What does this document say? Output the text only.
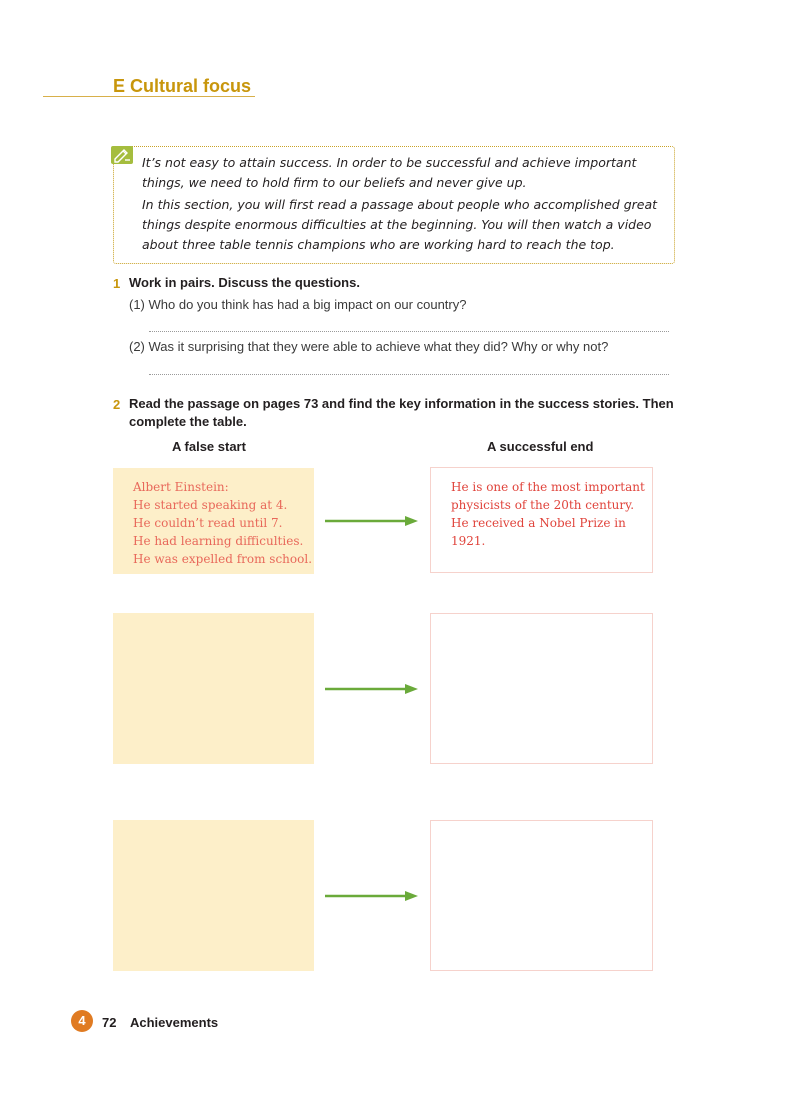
E Cultural focus

It’s not easy to attain success. In order to be successful and achieve important things, we need to hold firm to our beliefs and never give up.

In this section, you will first read a passage about people who accomplished great things despite enormous difficulties at the beginning. You will then watch a video about three table tennis champions who are working hard to reach the top.

1 Work in pairs. Discuss the questions.
(1) Who do you think has had a big impact on our country?
(2) Was it surprising that they were able to achieve what they did? Why or why not?
2 Read the passage on pages 73 and find the key information in the success stories. Then
complete the table.
A false start	A successful end
Albert Einstein:
He started speaking at 4.
He couldn’t read until 7.
He had learning difficulties.
He was expelled from school.
He is one of the most important
physicists of the 20th century.
He received a Nobel Prize in
1921.
4	72 Achievements
